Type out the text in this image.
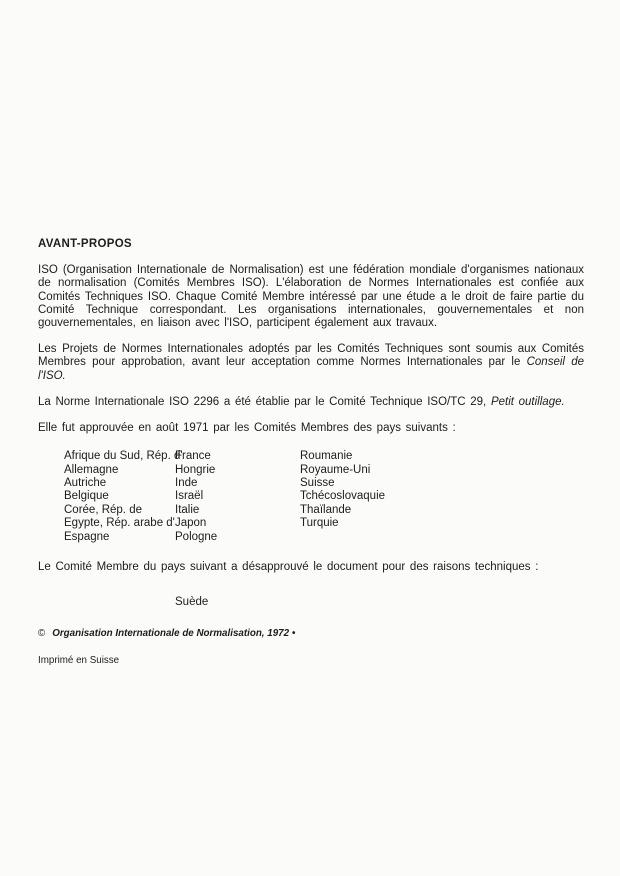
AVANT-PROPOS

ISO (Organisation Internationale de Normalisation) est une fédération mondiale d'organismes nationaux de normalisation (Comités Membres ISO). L'élaboration de Normes Internationales est confiée aux Comités Techniques ISO. Chaque Comité Membre intéressé par une étude a le droit de faire partie du Comité Technique correspondant. Les organisations internationales, gouvernementales et non gouvernementales, en liaison avec l'ISO, participent également aux travaux.

Les Projets de Normes Internationales adoptés par les Comités Techniques sont soumis aux Comités Membres pour approbation, avant leur acceptation comme Normes Internationales par le Conseil de l'ISO.

La Norme Internationale ISO 2296 a été établie par le Comité Technique ISO/TC 29, Petit outillage.

Elle fut approuvée en août 1971 par les Comités Membres des pays suivants :

Afrique du Sud, Rép. d'
Allemagne
Autriche
Belgique
Corée, Rép. de
Egypte, Rép. arabe d'
Espagne
France
Hongrie
Inde
Israël
Italie
Japon
Pologne
Roumanie
Royaume-Uni
Suisse
Tchécoslovaquie
Thaïlande
Turquie

Le Comité Membre du pays suivant a désapprouvé le document pour des raisons techniques :

Suède
© Organisation Internationale de Normalisation, 1972 •
Imprimé en Suisse
